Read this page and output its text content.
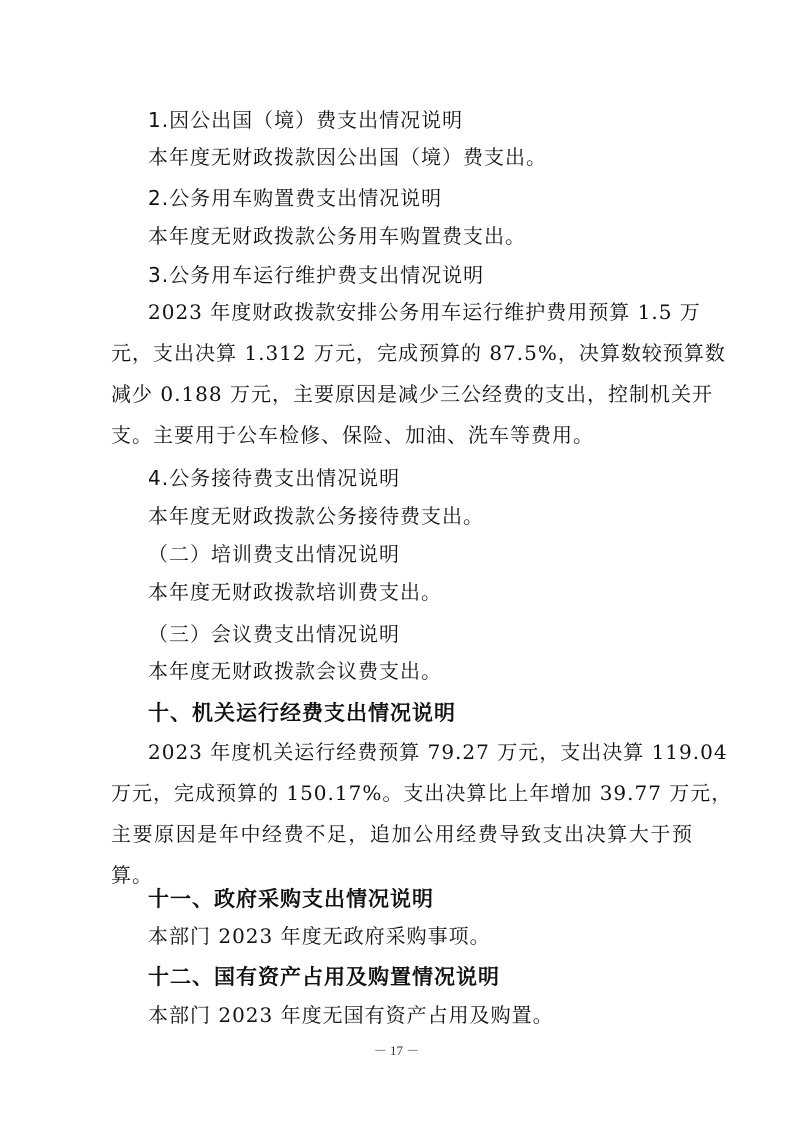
1.因公出国（境）费支出情况说明
本年度无财政拨款因公出国（境）费支出。
2.公务用车购置费支出情况说明
本年度无财政拨款公务用车购置费支出。
3.公务用车运行维护费支出情况说明
2023 年度财政拨款安排公务用车运行维护费用预算 1.5 万
元，支出决算 1.312 万元，完成预算的 87.5%，决算数较预算数
减少 0.188 万元，主要原因是减少三公经费的支出，控制机关开
支。主要用于公车检修、保险、加油、洗车等费用。
4.公务接待费支出情况说明
本年度无财政拨款公务接待费支出。
（二）培训费支出情况说明
本年度无财政拨款培训费支出。
（三）会议费支出情况说明
本年度无财政拨款会议费支出。
十、机关运行经费支出情况说明
2023 年度机关运行经费预算 79.27 万元，支出决算 119.04
万元，完成预算的 150.17%。支出决算比上年增加 39.77 万元，
主要原因是年中经费不足，追加公用经费导致支出决算大于预
算。
十一、政府采购支出情况说明
本部门 2023 年度无政府采购事项。
十二、国有资产占用及购置情况说明
本部门 2023 年度无国有资产占用及购置。
－ 17 －
